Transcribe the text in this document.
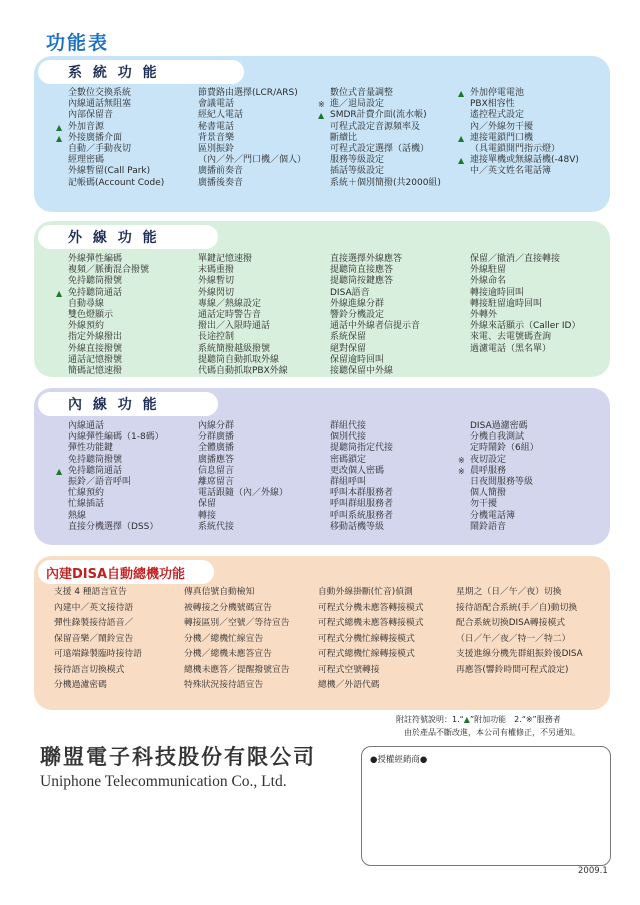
功能表
系 統 功 能
全數位交換系統
內線通話無阻塞
內部保留音
▲ 外加音源
▲ 外接廣播介面
自動／手動夜切
經理密碼
外線暫留(Call Park)
記帳碼(Account Code)
節費路由選擇(LCR/ARS)
會議電話
經紀人電話
秘書電話
背景音樂
區別振鈴
（內／外／門口機／個人）
廣播前奏音
廣播後奏音
數位式音量調整
※ 進／退局設定
▲ SMDR計費介面(流水帳)
可程式設定音源頻率及
斷續比
可程式設定選擇（話機）
服務等級設定
插話等級設定
系統＋個別簡撥(共2000組)
▲ 外加停電電池
PBX相容性
遙控程式設定
內／外線勿干擾
▲ 連接電鎖門口機
（具電鎖開門指示燈）
▲ 連接單機或無線話機(-48V)
中／英文姓名電話簿
外 線 功 能
外線彈性編碼
複頻／脈衝混合撥號
免持聽筒撥號
▲ 免持聽筒通話
自動尋線
雙色燈顯示
外線預約
指定外線撥出
外線直接撥號
通話記憶撥號
簡碼記憶速撥
單鍵記憶速撥
末碼重撥
外線暫切
外線閃切
專線／熱線設定
通話定時警告音
撥出／入限時通話
長途控制
系統簡撥越級撥號
提聽筒自動抓取外線
代碼自動抓取PBX外線
直接選擇外線應答
提聽筒直接應答
提聽筒按鍵應答
DISA語音
外線進線分群
響鈴分機設定
通話中外線者信提示音
系統保留
絕對保留
保留逾時回叫
接聽保留中外線
保留／撤消／直接轉接
外線駐留
外線命名
轉接逾時回叫
轉接駐留逾時回叫
外轉外
外線來話顯示（Caller ID）
來電、去電號碼查詢
過濾電話（黑名單）
內 線 功 能
內線通話
內線彈性編碼（1-8碼）
彈性功能鍵
免持聽筒撥號
▲ 免持聽筒通話
振鈴／語音呼叫
忙線預約
忙線插話
熱線
直接分機選擇（DSS）
內線分群
分群廣播
全體廣播
廣播應答
信息留言
離席留言
電話跟隨（內／外線）
保留
轉接
系統代接
群組代接
個別代接
提聽筒指定代接
密碼鎖定
更改個人密碼
群組呼叫
呼叫本群服務者
呼叫群組服務者
呼叫系統服務者
移動話機等級
DISA過濾密碼
分機自我測試
定時鬧鈴（6組）
※ 夜切設定
※ 晨呼服務
日夜間服務等級
個人簡撥
勿干擾
分機電話簿
鬧鈴語音
內建DISA自動總機功能
支援 4 種語言宣告
內建中／英文接待語
彈性錄製接待語音／
保留音樂／鬧鈴宣告
可遠端錄製臨時接待語
接待語言切換模式
分機過濾密碼
傳真信號自動檢知
被轉接之分機號碼宣告
轉接區別／空號／等待宣告
分機／總機忙線宣告
分機／總機未應答宣告
總機未應答／提醒撥號宣告
特殊狀況接待語宣告
自動外線掛斷(忙音)偵測
可程式分機未應答轉接模式
可程式總機未應答轉接模式
可程式分機忙線轉接模式
可程式總機忙線轉接模式
可程式空號轉接
總機／外語代碼
星期之（日／午／夜）切換
接待語配合系統(手／自)動切換
配合系統切換DISA轉接模式
（日／午／夜／特一／特二）
支援進線分機先群組振鈴後DISA
再應答(響鈴時間可程式設定)
附註符號說明：1.“▲”附加功能　2.“※”服務者
由於產品不斷改進，本公司有權修正，不另通知。
聯盟電子科技股份有限公司
Uniphone Telecommunication Co., Ltd.
●授權經銷商●
2009.1
